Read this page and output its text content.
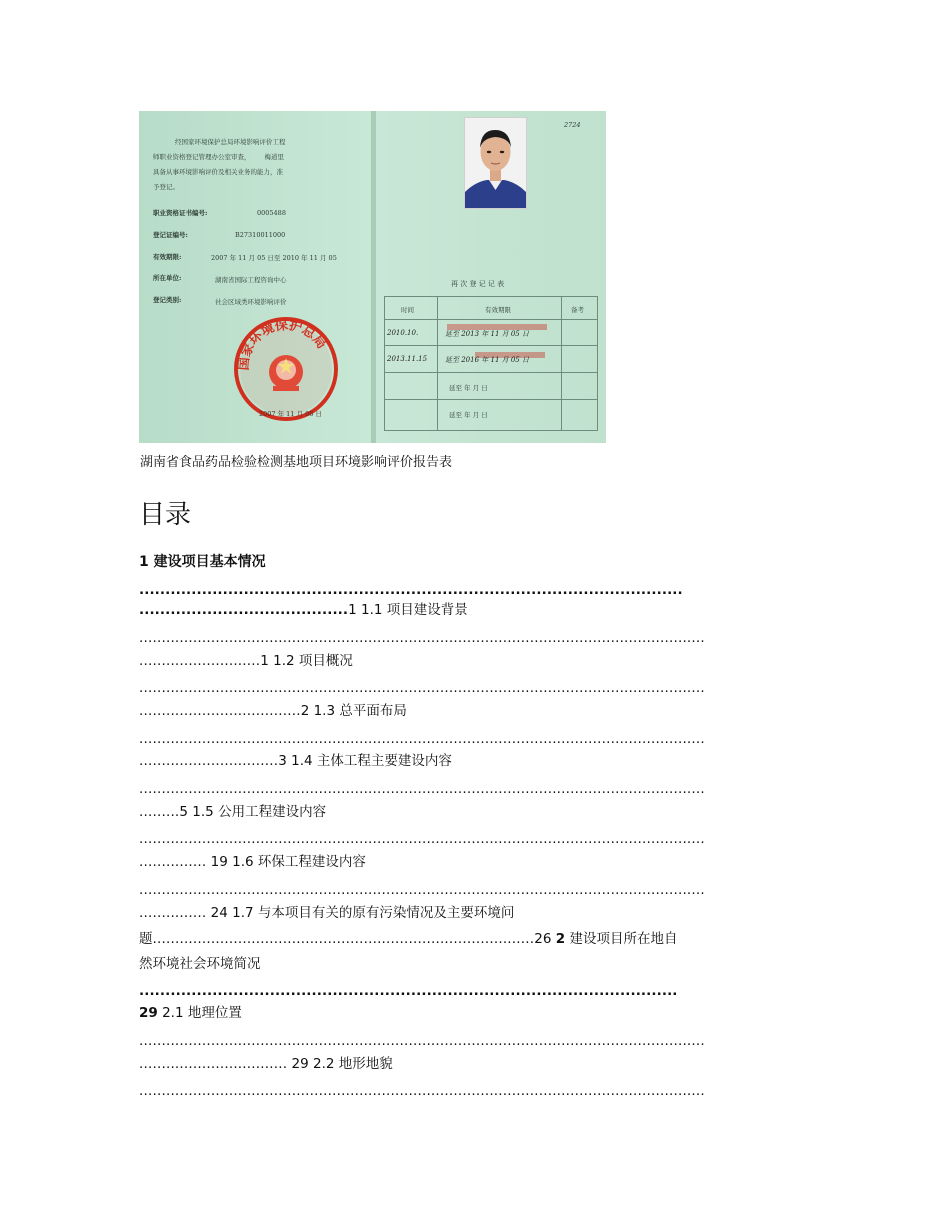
经国家环境保护总局环境影响评价工程
师职业资格登记管理办公室审查， 梅道里
具备从事环境影响评价及相关业务的能力，准
予登记。
职业资格证书编号:	0005488
登记证编号:	B27310011000
有效期限:	2007 年 11 月 05 日至 2010 年 11 月 05
所在单位:	湖南省国际工程咨询中心
登记类别:	社会区域类环境影响评价
国家环境保护总局
2007 年 11 月 06 日
2724
再 次 登 记 记 表
时间	有效期限	备考
2010.10.	延至 2013 年 11 月 05 日
2013.11.15	延至 2016 年 11 月 05 日
延至 年 月 日
延至 年 月 日
湖南省食品药品检验检测基地项目环境影响评价报告表
目录
1 建设项目基本情况
........................................................................................................
........................................1 1.1 项目建设背景
..............................................................................................................................
...........................1 1.2 项目概况
..............................................................................................................................
....................................2 1.3 总平面布局
..............................................................................................................................
...............................3 1.4 主体工程主要建设内容
..............................................................................................................................
.........5 1.5 公用工程建设内容
..............................................................................................................................
............... 19 1.6 环保工程建设内容
..............................................................................................................................
............... 24 1.7 与本项目有关的原有污染情况及主要环境问
题.....................................................................................26 2 建设项目所在地自
然环境社会环境简况
.......................................................................................................
29 2.1 地理位置
..............................................................................................................................
................................. 29 2.2 地形地貌
..............................................................................................................................
